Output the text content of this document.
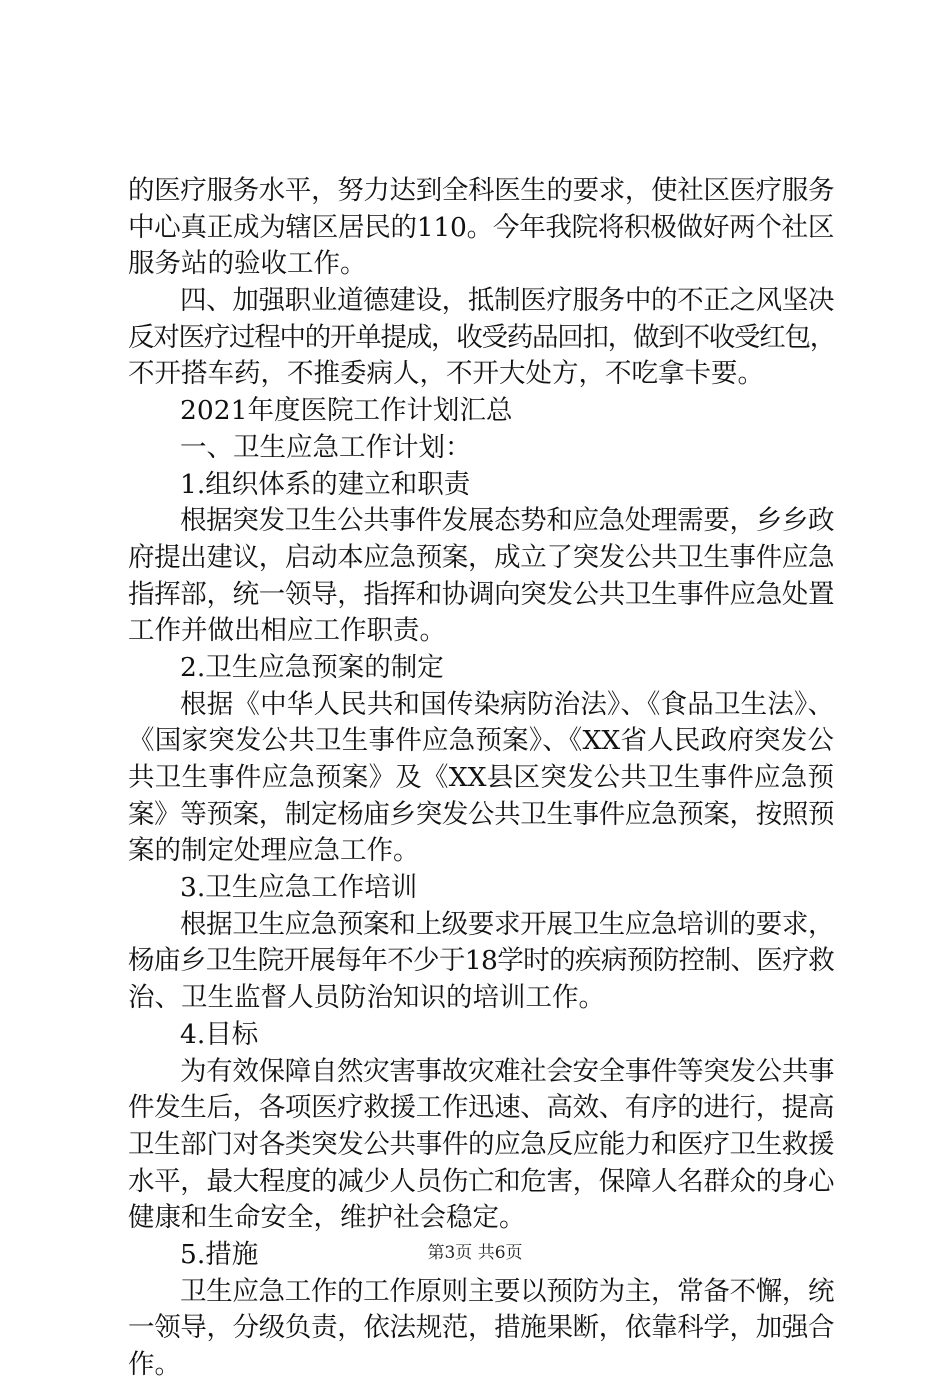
的医疗服务水平，努力达到全科医生的要求，使社区医疗服务
中心真正成为辖区居民的110。今年我院将积极做好两个社区
服务站的验收工作。
四、加强职业道德建设，抵制医疗服务中的不正之风坚决
反对医疗过程中的开单提成，收受药品回扣，做到不收受红包，
不开搭车药，不推委病人，不开大处方，不吃拿卡要。
2021年度医院工作计划汇总
一、卫生应急工作计划：
1.组织体系的建立和职责
根据突发卫生公共事件发展态势和应急处理需要，乡乡政
府提出建议，启动本应急预案，成立了突发公共卫生事件应急
指挥部，统一领导，指挥和协调向突发公共卫生事件应急处置
工作并做出相应工作职责。
2.卫生应急预案的制定
根据《中华人民共和国传染病防治法》、《食品卫生法》、
《国家突发公共卫生事件应急预案》、《XX省人民政府突发公
共卫生事件应急预案》及《XX县区突发公共卫生事件应急预
案》等预案，制定杨庙乡突发公共卫生事件应急预案，按照预
案的制定处理应急工作。
3.卫生应急工作培训
根据卫生应急预案和上级要求开展卫生应急培训的要求，
杨庙乡卫生院开展每年不少于18学时的疾病预防控制、医疗救
治、卫生监督人员防治知识的培训工作。
4.目标
为有效保障自然灾害事故灾难社会安全事件等突发公共事
件发生后，各项医疗救援工作迅速、高效、有序的进行，提高
卫生部门对各类突发公共事件的应急反应能力和医疗卫生救援
水平，最大程度的减少人员伤亡和危害，保障人名群众的身心
健康和生命安全，维护社会稳定。
5.措施
卫生应急工作的工作原则主要以预防为主，常备不懈，统
一领导，分级负责，依法规范，措施果断，依靠科学，加强合
作。
第3页 共6页
